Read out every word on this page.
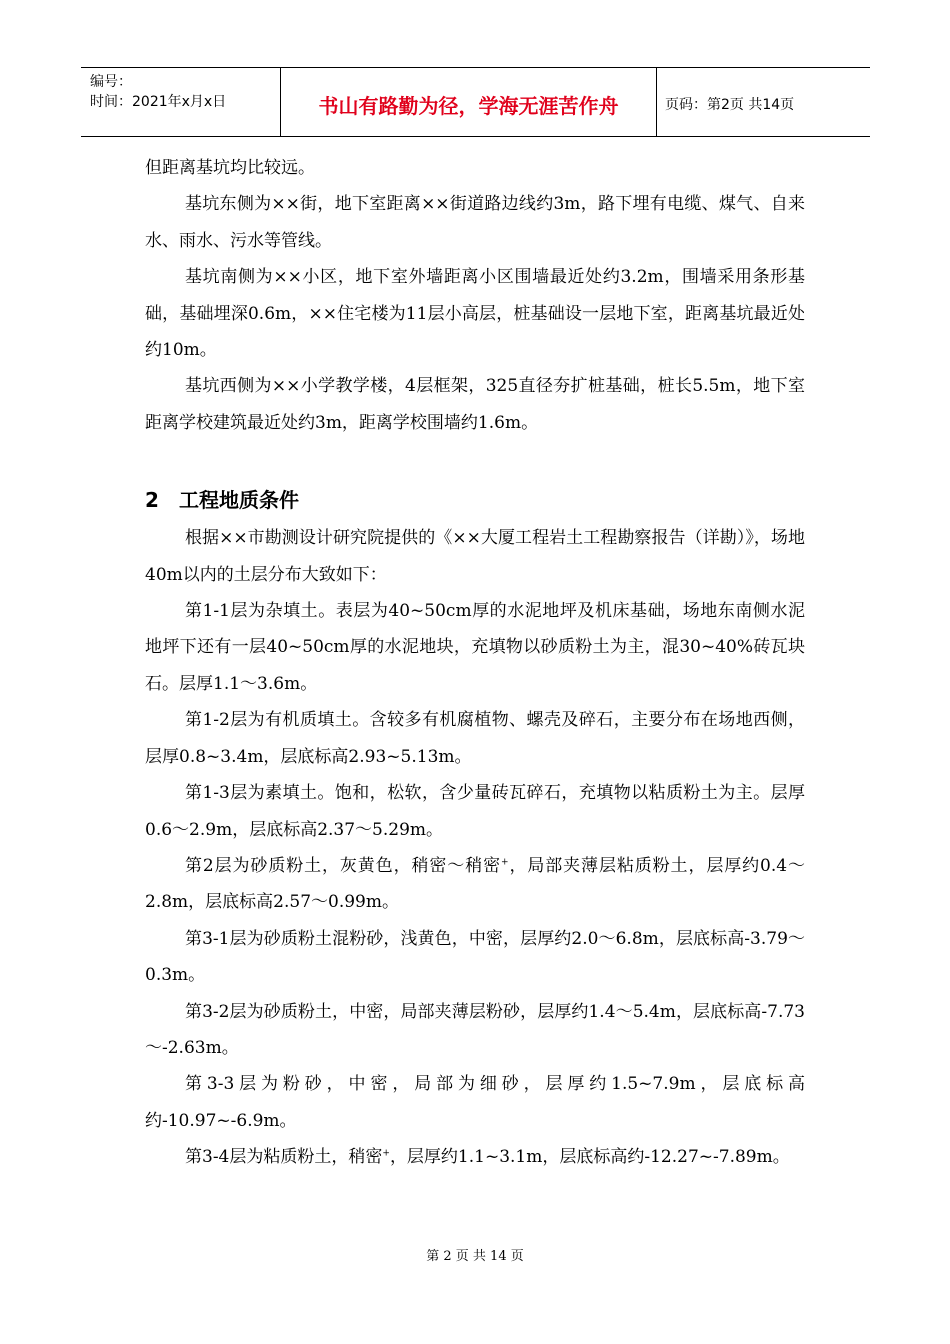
编号：
时间：2021年x月x日	书山有路勤为径，学海无涯苦作舟	页码：第2页 共14页

但距离基坑均比较远。

基坑东侧为××街，地下室距离××街道路边线约3m，路下埋有电缆、煤气、自来水、雨水、污水等管线。

基坑南侧为××小区，地下室外墙距离小区围墙最近处约3.2m，围墙采用条形基础，基础埋深0.6m，××住宅楼为11层小高层，桩基础设一层地下室，距离基坑最近处约10m。

基坑西侧为××小学教学楼，4层框架，325直径夯扩桩基础，桩长5.5m，地下室距离学校建筑最近处约3m，距离学校围墙约1.6m。

2 工程地质条件

根据××市勘测设计研究院提供的《××大厦工程岩土工程勘察报告（详勘）》，场地40m以内的土层分布大致如下：

第1-1层为杂填土。表层为40~50cm厚的水泥地坪及机床基础，场地东南侧水泥地坪下还有一层40~50cm厚的水泥地块，充填物以砂质粉土为主，混30~40%砖瓦块石。层厚1.1～3.6m。

第1-2层为有机质填土。含较多有机腐植物、螺壳及碎石，主要分布在场地西侧，层厚0.8~3.4m，层底标高2.93~5.13m。

第1-3层为素填土。饱和，松软，含少量砖瓦碎石，充填物以粘质粉土为主。层厚0.6～2.9m，层底标高2.37～5.29m。

第2层为砂质粉土，灰黄色，稍密～稍密+，局部夹薄层粘质粉土，层厚约0.4～2.8m，层底标高2.57～0.99m。

第3-1层为砂质粉土混粉砂，浅黄色，中密，层厚约2.0～6.8m，层底标高-3.79～0.3m。

第3-2层为砂质粉土，中密，局部夹薄层粉砂，层厚约1.4～5.4m，层底标高-7.73～-2.63m。

第3-3层为粉砂，中密，局部为细砂，层厚约1.5~7.9m，层底标高约-10.97~-6.9m。

第3-4层为粘质粉土，稍密+，层厚约1.1~3.1m，层底标高约-12.27~-7.89m。

第 2 页 共 14 页
